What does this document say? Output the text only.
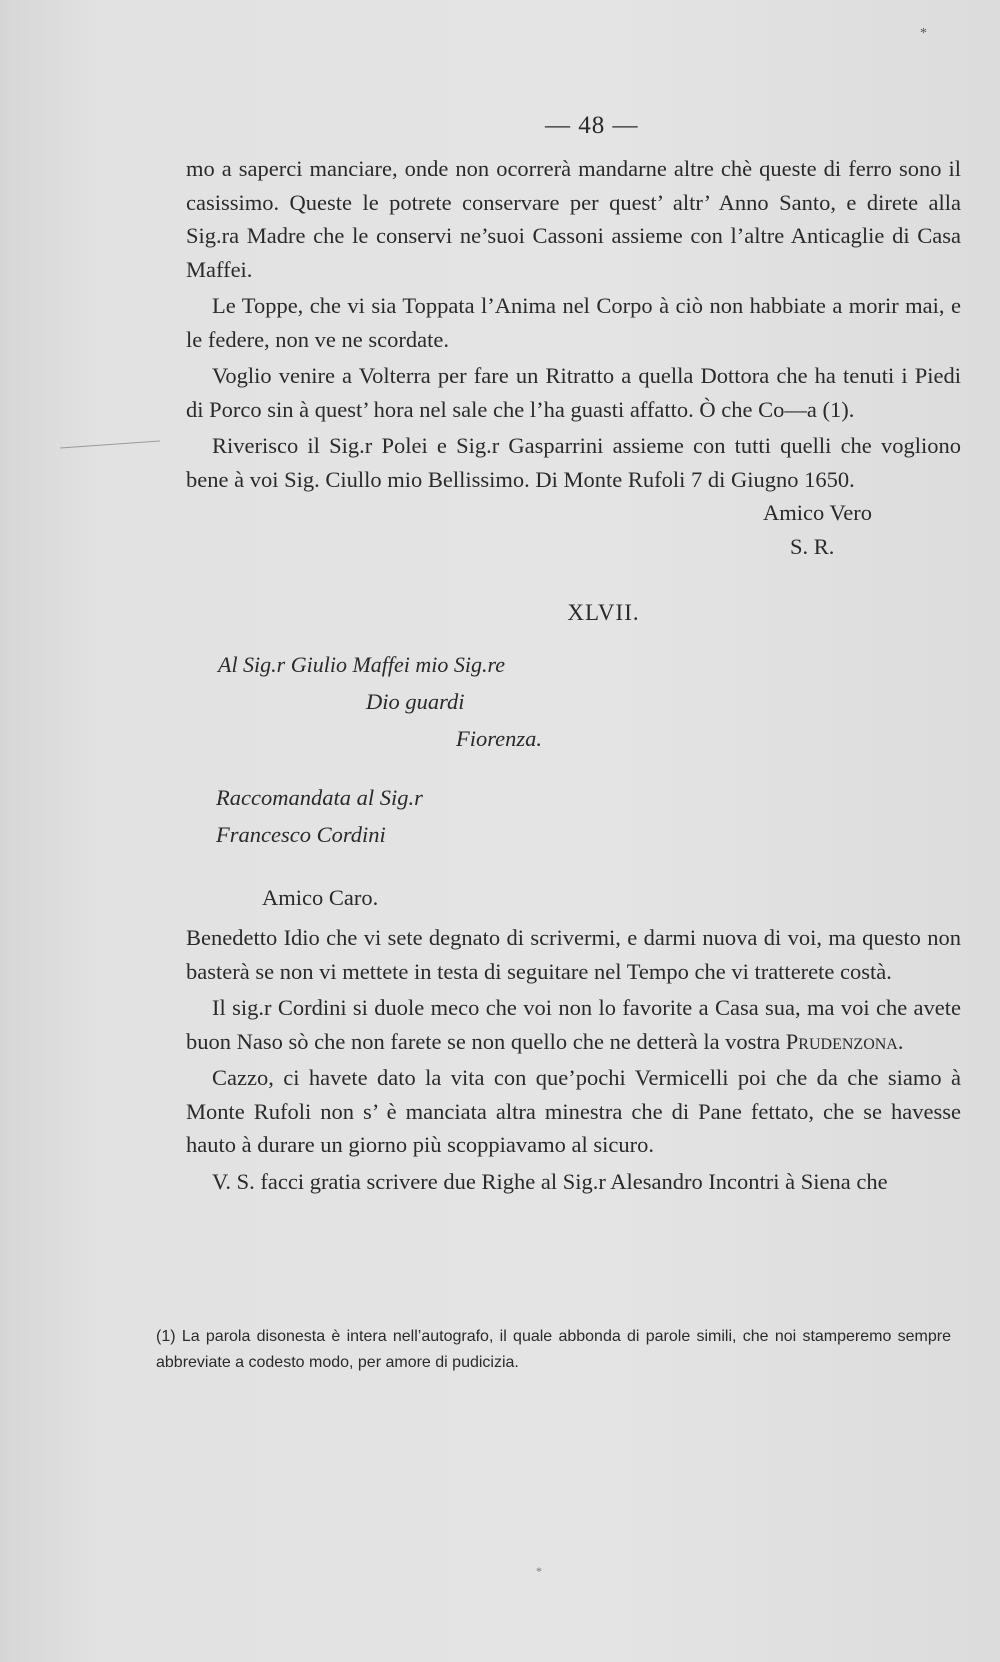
*
— 48 —

mo a saperci manciare, onde non ocorrerà mandarne altre chè queste di ferro sono il casissimo. Queste le potrete conservare per quest’ altr’ Anno Santo, e direte alla Sig.ra Madre che le conservi ne’suoi Cassoni assieme con l’altre Anticaglie di Casa Maffei.

Le Toppe, che vi sia Toppata l’Anima nel Corpo à ciò non habbiate a morir mai, e le federe, non ve ne scordate.

Voglio venire a Volterra per fare un Ritratto a quella Dottora che ha tenuti i Piedi di Porco sin à quest’ hora nel sale che l’ha guasti affatto. Ò che Co—a (1).

Riverisco il Sig.r Polei e Sig.r Gasparrini assieme con tutti quelli che vogliono bene à voi Sig. Ciullo mio Bellissimo. Di Monte Rufoli 7 di Giugno 1650.

Amico Vero

S. R.

XLVII.

Al Sig.r Giulio Maffei mio Sig.re

Dio guardi

Fiorenza.

Raccomandata al Sig.r

Francesco Cordini

Amico Caro.

Benedetto Idio che vi sete degnato di scrivermi, e darmi nuova di voi, ma questo non basterà se non vi mettete in testa di seguitare nel Tempo che vi tratterete costà.

Il sig.r Cordini si duole meco che voi non lo favorite a Casa sua, ma voi che avete buon Naso sò che non farete se non quello che ne detterà la vostra Prudenzona.

Cazzo, ci havete dato la vita con que’pochi Vermicelli poi che da che siamo à Monte Rufoli non s’ è manciata altra minestra che di Pane fettato, che se havesse hauto à durare un giorno più scoppiavamo al sicuro.

V. S. facci gratia scrivere due Righe al Sig.r Alesandro Incontri à Siena che

(1) La parola disonesta è intera nell’autografo, il quale abbonda di parole simili, che noi stamperemo sempre abbreviate a codesto modo, per amore di pudicizia.
*
